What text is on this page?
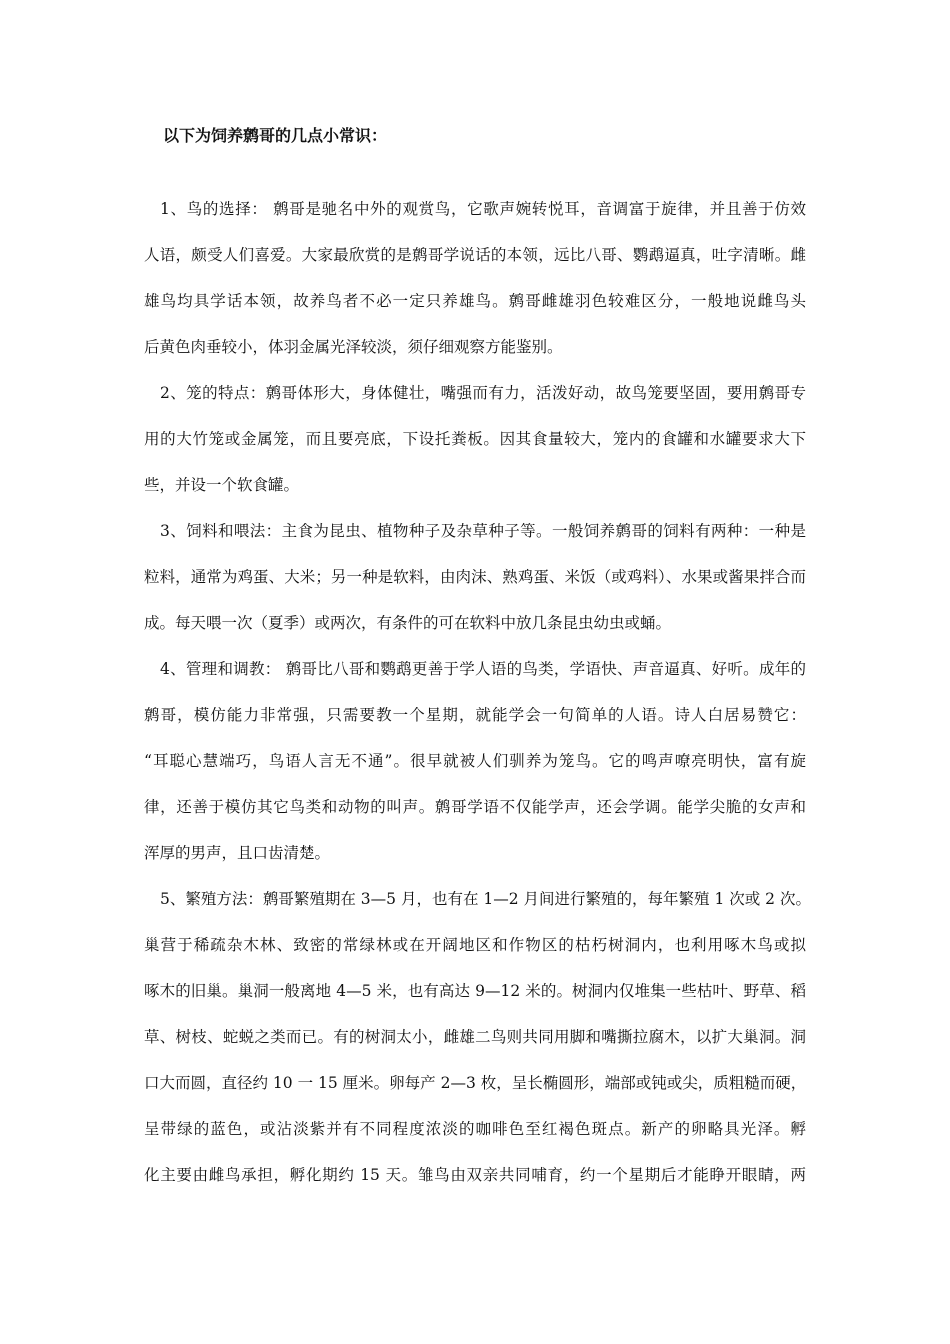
以下为饲养鹩哥的几点小常识：

1、鸟的选择： 鹩哥是驰名中外的观赏鸟，它歌声婉转悦耳，音调富于旋律，并且善于仿效

人语，颇受人们喜爱。大家最欣赏的是鹩哥学说话的本领，远比八哥、鹦鹉逼真，吐字清晰。雌

雄鸟均具学话本领，故养鸟者不必一定只养雄鸟。鹩哥雌雄羽色较难区分，一般地说雌鸟头

后黄色肉垂较小，体羽金属光泽较淡，须仔细观察方能鉴别。

2、笼的特点：鹩哥体形大，身体健壮，嘴强而有力，活泼好动，故鸟笼要坚固，要用鹩哥专

用的大竹笼或金属笼，而且要亮底，下设托粪板。因其食量较大，笼内的食罐和水罐要求大下

些，并设一个软食罐。

3、饲料和喂法：主食为昆虫、植物种子及杂草种子等。一般饲养鹩哥的饲料有两种：一种是

粒料，通常为鸡蛋、大米；另一种是软料，由肉沫、熟鸡蛋、米饭（或鸡料）、水果或酱果拌合而

成。每天喂一次（夏季）或两次，有条件的可在软料中放几条昆虫幼虫或蛹。

4、管理和调教： 鹩哥比八哥和鹦鹉更善于学人语的鸟类，学语快、声音逼真、好听。成年的

鹩哥，模仿能力非常强，只需要教一个星期，就能学会一句简单的人语。诗人白居易赞它：

“耳聪心慧端巧，鸟语人言无不通”。很早就被人们驯养为笼鸟。它的鸣声嘹亮明快，富有旋

律，还善于模仿其它鸟类和动物的叫声。鹩哥学语不仅能学声，还会学调。能学尖脆的女声和

浑厚的男声，且口齿清楚。

5、繁殖方法：鹩哥繁殖期在 3—5 月，也有在 1—2 月间进行繁殖的，每年繁殖 1 次或 2 次。

巢营于稀疏杂木林、致密的常绿林或在开阔地区和作物区的枯朽树洞内，也利用啄木鸟或拟

啄木的旧巢。巢洞一般离地 4—5 米，也有高达 9—12 米的。树洞内仅堆集一些枯叶、野草、稻

草、树枝、蛇蜕之类而已。有的树洞太小，雌雄二鸟则共同用脚和嘴撕拉腐木，以扩大巢洞。洞

口大而圆，直径约 10 一 15 厘米。卵每产 2—3 枚，呈长椭圆形，端部或钝或尖，质粗糙而硬，

呈带绿的蓝色，或沾淡紫并有不同程度浓淡的咖啡色至红褐色斑点。新产的卵略具光泽。孵

化主要由雌鸟承担，孵化期约 15 天。雏鸟由双亲共同哺育，约一个星期后才能睁开眼睛，两
